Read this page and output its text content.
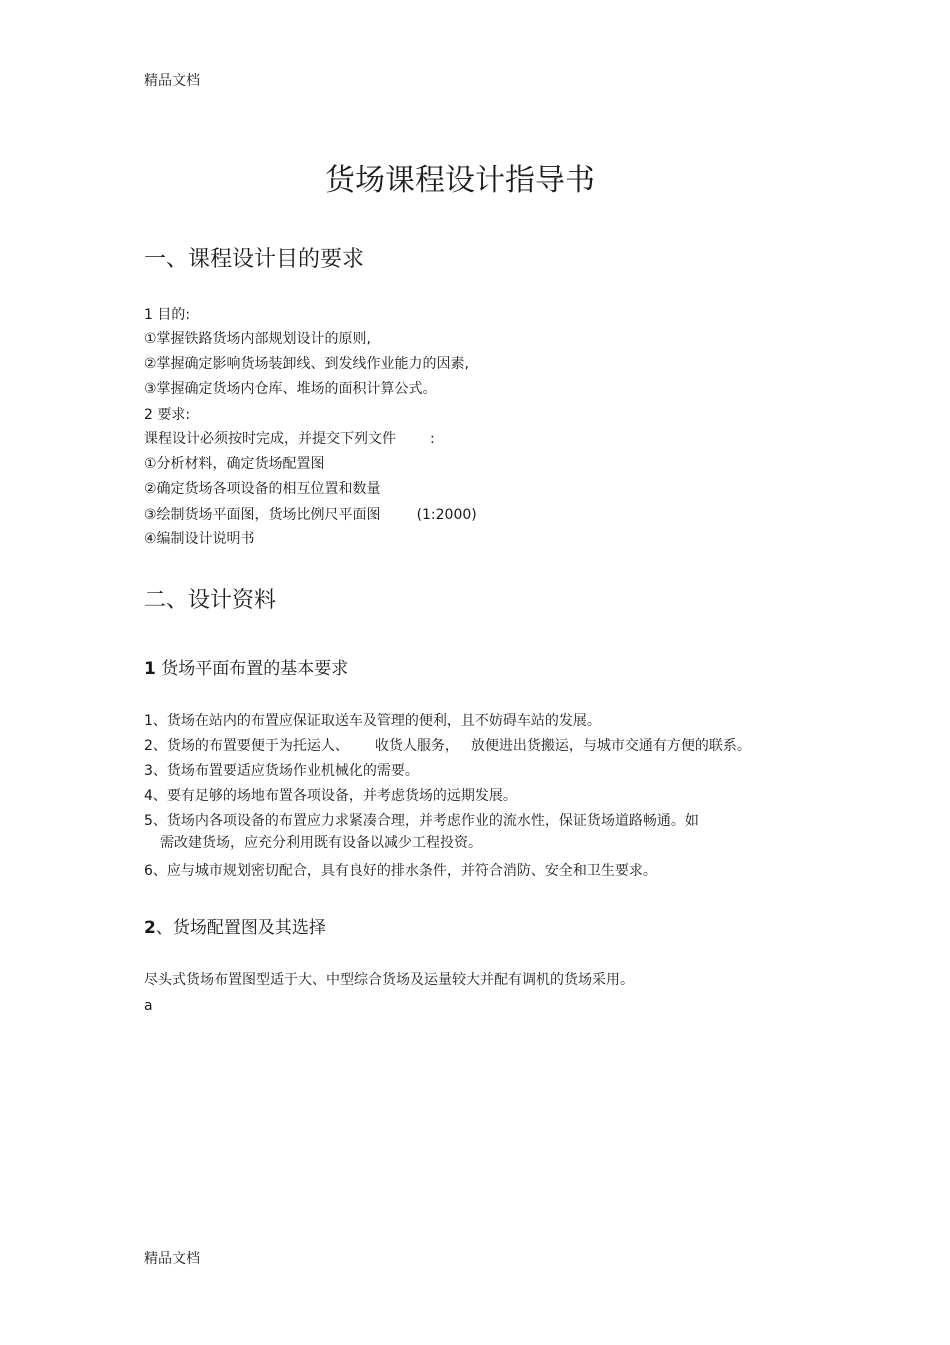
精品文档
货场课程设计指导书
一、课程设计目的要求
1 目的:
①掌握铁路货场内部规划设计的原则,
②掌握确定影响货场装卸线、到发线作业能力的因素,
③掌握确定货场内仓库、堆场的面积计算公式。
2 要求:
课程设计必须按时完成，并提交下列文件 :
①分析材料，确定货场配置图
②确定货场各项设备的相互位置和数量
③绘制货场平面图，货场比例尺平面图	(1:2000)
④编制设计说明书
二、设计资料
1 货场平面布置的基本要求
1、货场在站内的布置应保证取送车及管理的便利，且不妨碍车站的发展。
2、货场的布置要便于为托运人、 收货人服务， 放便进出货搬运，与城市交通有方便的联系。
3、货场布置要适应货场作业机械化的需要。
4、要有足够的场地布置各项设备，并考虑货场的远期发展。
5、货场内各项设备的布置应力求紧凑合理，并考虑作业的流水性，保证货场道路畅通。如
需改建货场，应充分利用既有设备以减少工程投资。
6、应与城市规划密切配合，具有良好的排水条件，并符合消防、安全和卫生要求。
2、货场配置图及其选择
尽头式货场布置图型适于大、中型综合货场及运量较大并配有调机的货场采用。
a
精品文档
